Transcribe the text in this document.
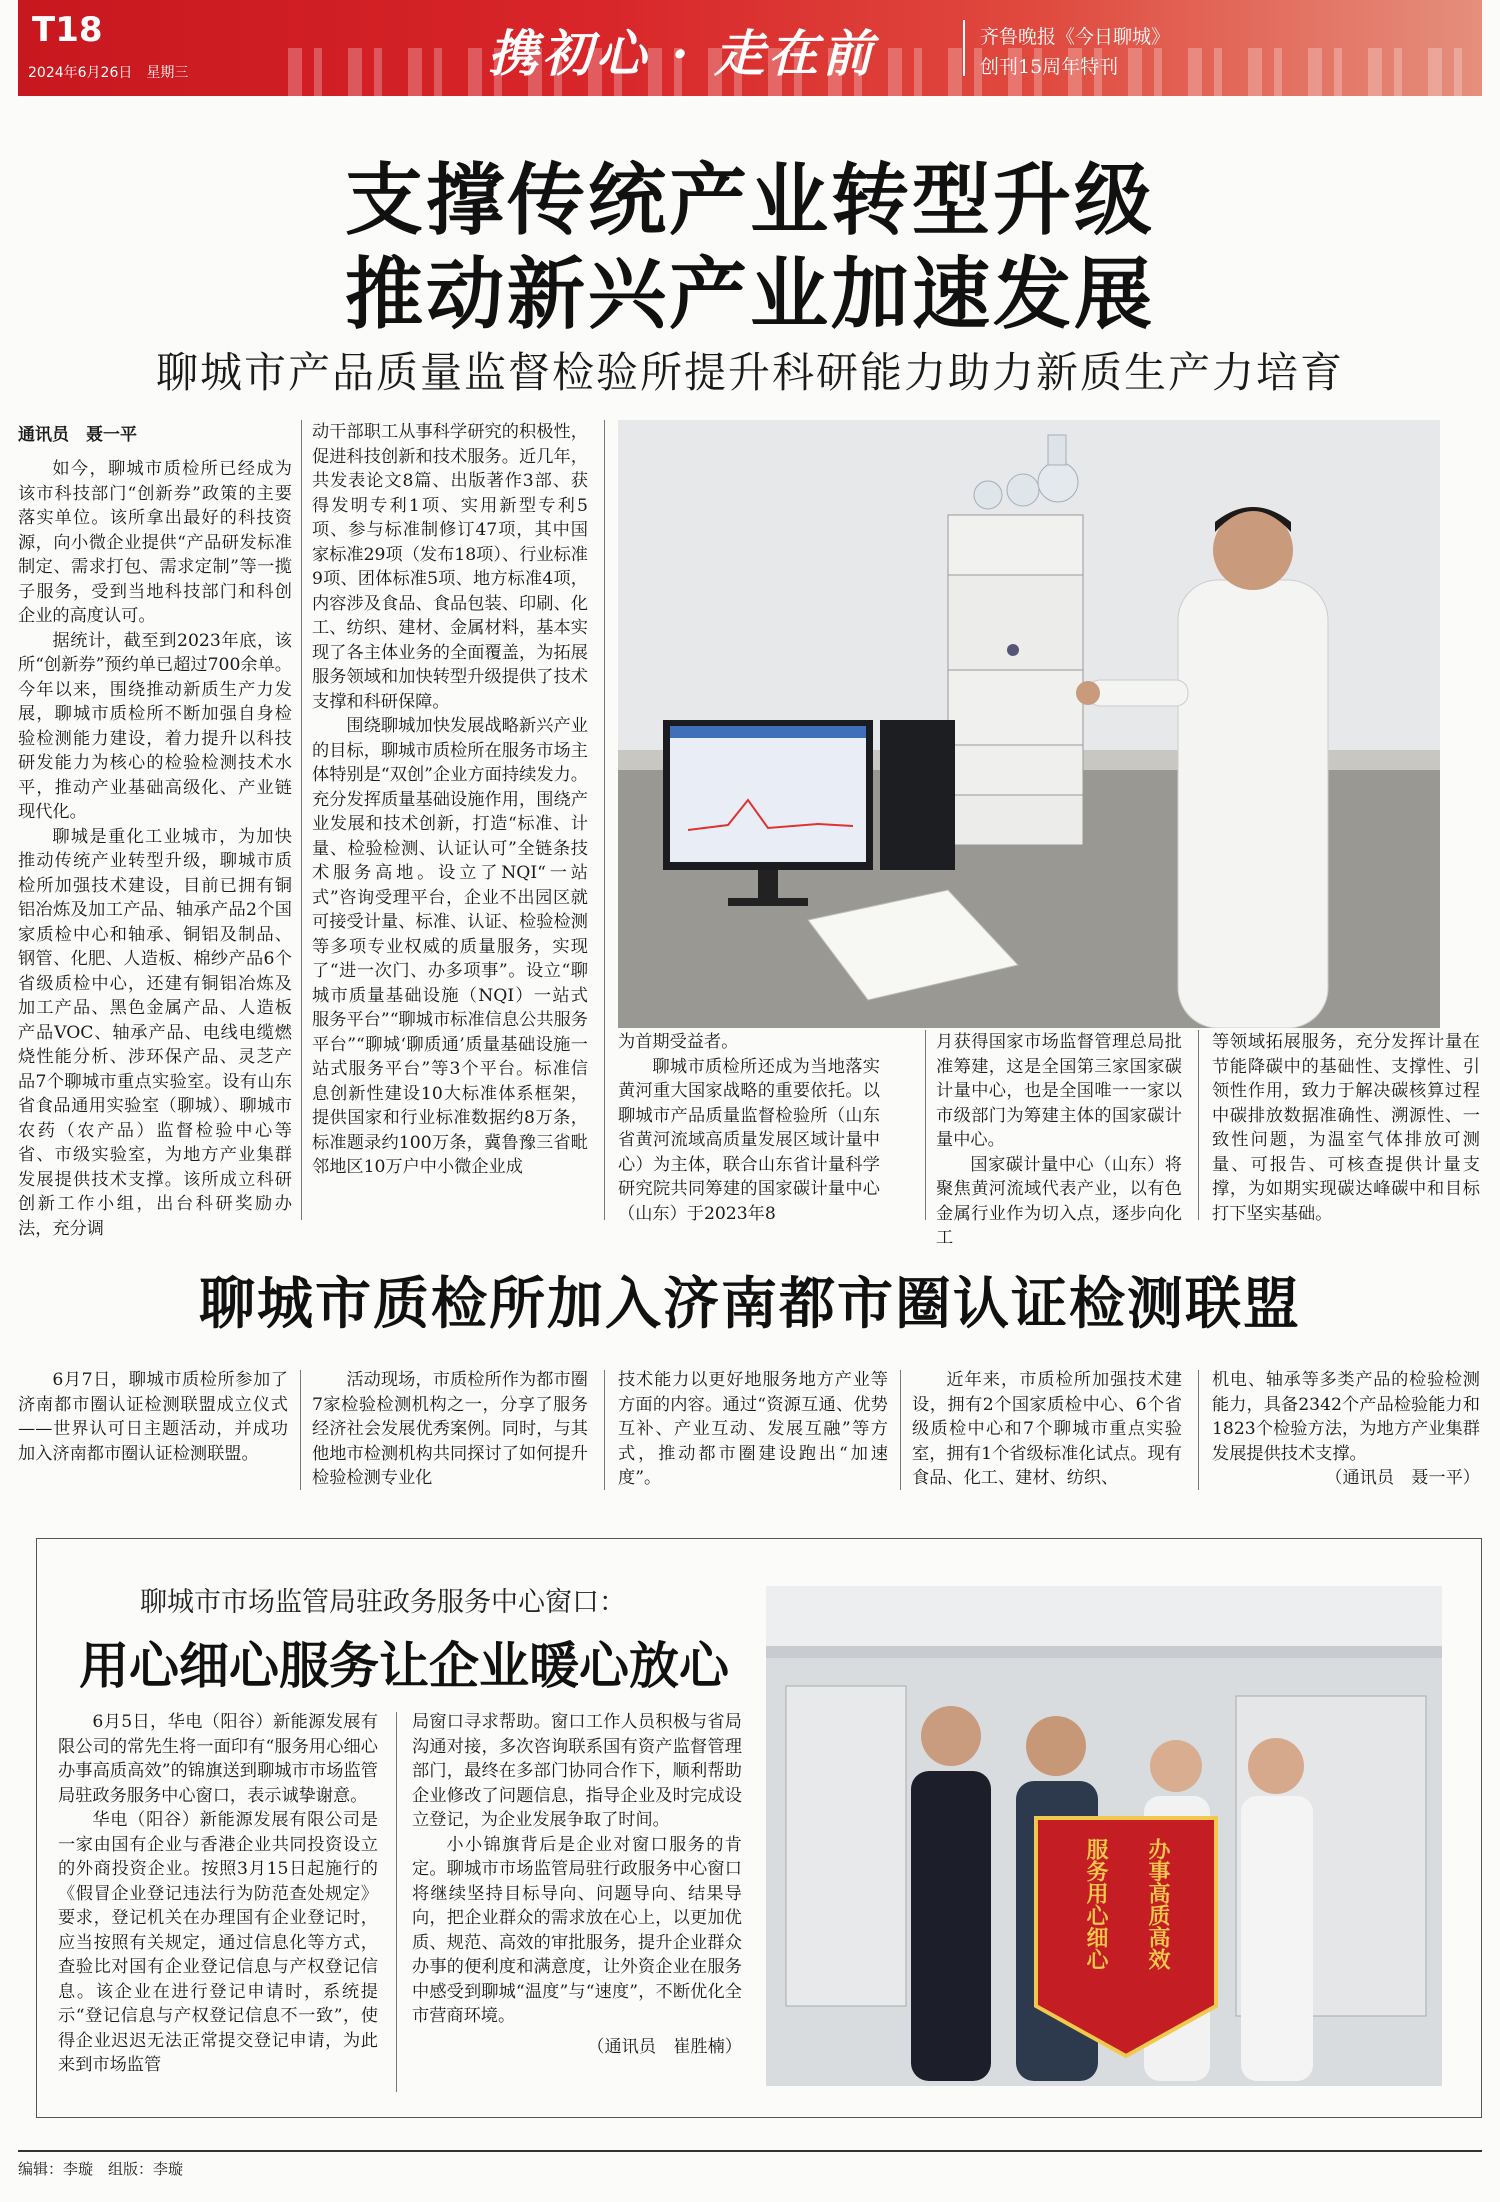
T18
2024年6月26日　星期三	携初心 · 走在前	齐鲁晚报《今日聊城》
创刊15周年特刊
支撑传统产业转型升级
推动新兴产业加速发展
聊城市产品质量监督检验所提升科研能力助力新质生产力培育
通讯员　聂一平

如今，聊城市质检所已经成为该市科技部门“创新券”政策的主要落实单位。该所拿出最好的科技资源，向小微企业提供“产品研发标准制定、需求打包、需求定制”等一揽子服务，受到当地科技部门和科创企业的高度认可。

据统计，截至到2023年底，该所“创新券”预约单已超过700余单。今年以来，围绕推动新质生产力发展，聊城市质检所不断加强自身检验检测能力建设，着力提升以科技研发能力为核心的检验检测技术水平，推动产业基础高级化、产业链现代化。

聊城是重化工业城市，为加快推动传统产业转型升级，聊城市质检所加强技术建设，目前已拥有铜铝冶炼及加工产品、轴承产品2个国家质检中心和轴承、铜铝及制品、钢管、化肥、人造板、棉纱产品6个省级质检中心，还建有铜铝冶炼及加工产品、黑色金属产品、人造板产品VOC、轴承产品、电线电缆燃烧性能分析、涉环保产品、灵芝产品7个聊城市重点实验室。设有山东省食品通用实验室（聊城）、聊城市农药（农产品）监督检验中心等省、市级实验室，为地方产业集群发展提供技术支撑。该所成立科研创新工作小组，出台科研奖励办法，充分调

动干部职工从事科学研究的积极性，促进科技创新和技术服务。近几年，共发表论文8篇、出版著作3部、获得发明专利1项、实用新型专利5项、参与标准制修订47项，其中国家标准29项（发布18项）、行业标准9项、团体标准5项、地方标准4项，内容涉及食品、食品包装、印刷、化工、纺织、建材、金属材料，基本实现了各主体业务的全面覆盖，为拓展服务领域和加快转型升级提供了技术支撑和科研保障。

围绕聊城加快发展战略新兴产业的目标，聊城市质检所在服务市场主体特别是“双创”企业方面持续发力。充分发挥质量基础设施作用，围绕产业发展和技术创新，打造“标准、计量、检验检测、认证认可”全链条技术服务高地。设立了NQI“一站式”咨询受理平台，企业不出园区就可接受计量、标准、认证、检验检测等多项专业权威的质量服务，实现了“进一次门、办多项事”。设立“聊城市质量基础设施（NQI）一站式服务平台”“聊城市标准信息公共服务平台”“聊城‘聊质通’质量基础设施一站式服务平台”等3个平台。标准信息创新性建设10大标准体系框架，提供国家和行业标准数据约8万条，标准题录约100万条，冀鲁豫三省毗邻地区10万户中小微企业成

为首期受益者。

聊城市质检所还成为当地落实黄河重大国家战略的重要依托。以聊城市产品质量监督检验所（山东省黄河流域高质量发展区域计量中心）为主体，联合山东省计量科学研究院共同筹建的国家碳计量中心（山东）于2023年8

月获得国家市场监督管理总局批准筹建，这是全国第三家国家碳计量中心，也是全国唯一一家以市级部门为筹建主体的国家碳计量中心。

国家碳计量中心（山东）将聚焦黄河流域代表产业，以有色金属行业作为切入点，逐步向化工

等领域拓展服务，充分发挥计量在节能降碳中的基础性、支撑性、引领性作用，致力于解决碳核算过程中碳排放数据准确性、溯源性、一致性问题，为温室气体排放可测量、可报告、可核查提供计量支撑，为如期实现碳达峰碳中和目标打下坚实基础。

聊城市质检所加入济南都市圈认证检测联盟

6月7日，聊城市质检所参加了济南都市圈认证检测联盟成立仪式——世界认可日主题活动，并成功加入济南都市圈认证检测联盟。

活动现场，市质检所作为都市圈7家检验检测机构之一，分享了服务经济社会发展优秀案例。同时，与其他地市检测机构共同探讨了如何提升检验检测专业化

技术能力以更好地服务地方产业等方面的内容。通过“资源互通、优势互补、产业互动、发展互融”等方式，推动都市圈建设跑出“加速度”。

近年来，市质检所加强技术建设，拥有2个国家质检中心、6个省级质检中心和7个聊城市重点实验室，拥有1个省级标准化试点。现有食品、化工、建材、纺织、

机电、轴承等多类产品的检验检测能力，具备2342个产品检验能力和1823个检验方法，为地方产业集群发展提供技术支撑。

（通讯员　聂一平）
聊城市市场监管局驻政务服务中心窗口：
用心细心服务让企业暖心放心

6月5日，华电（阳谷）新能源发展有限公司的常先生将一面印有“服务用心细心　办事高质高效”的锦旗送到聊城市市场监管局驻政务服务中心窗口，表示诚挚谢意。

华电（阳谷）新能源发展有限公司是一家由国有企业与香港企业共同投资设立的外商投资企业。按照3月15日起施行的《假冒企业登记违法行为防范查处规定》要求，登记机关在办理国有企业登记时，应当按照有关规定，通过信息化等方式，查验比对国有企业登记信息与产权登记信息。该企业在进行登记申请时，系统提示“登记信息与产权登记信息不一致”，使得企业迟迟无法正常提交登记申请，为此来到市场监管

局窗口寻求帮助。窗口工作人员积极与省局沟通对接，多次咨询联系国有资产监督管理部门，最终在多部门协同合作下，顺利帮助企业修改了问题信息，指导企业及时完成设立登记，为企业发展争取了时间。

小小锦旗背后是企业对窗口服务的肯定。聊城市市场监管局驻行政服务中心窗口将继续坚持目标导向、问题导向、结果导向，把企业群众的需求放在心上，以更加优质、规范、高效的审批服务，提升企业群众办事的便利度和满意度，让外资企业在服务中感受到聊城“温度”与“速度”，不断优化全市营商环境。

（通讯员　崔胜楠）
服务用心细心 办事高质高效
编辑：李璇　组版：李璇
